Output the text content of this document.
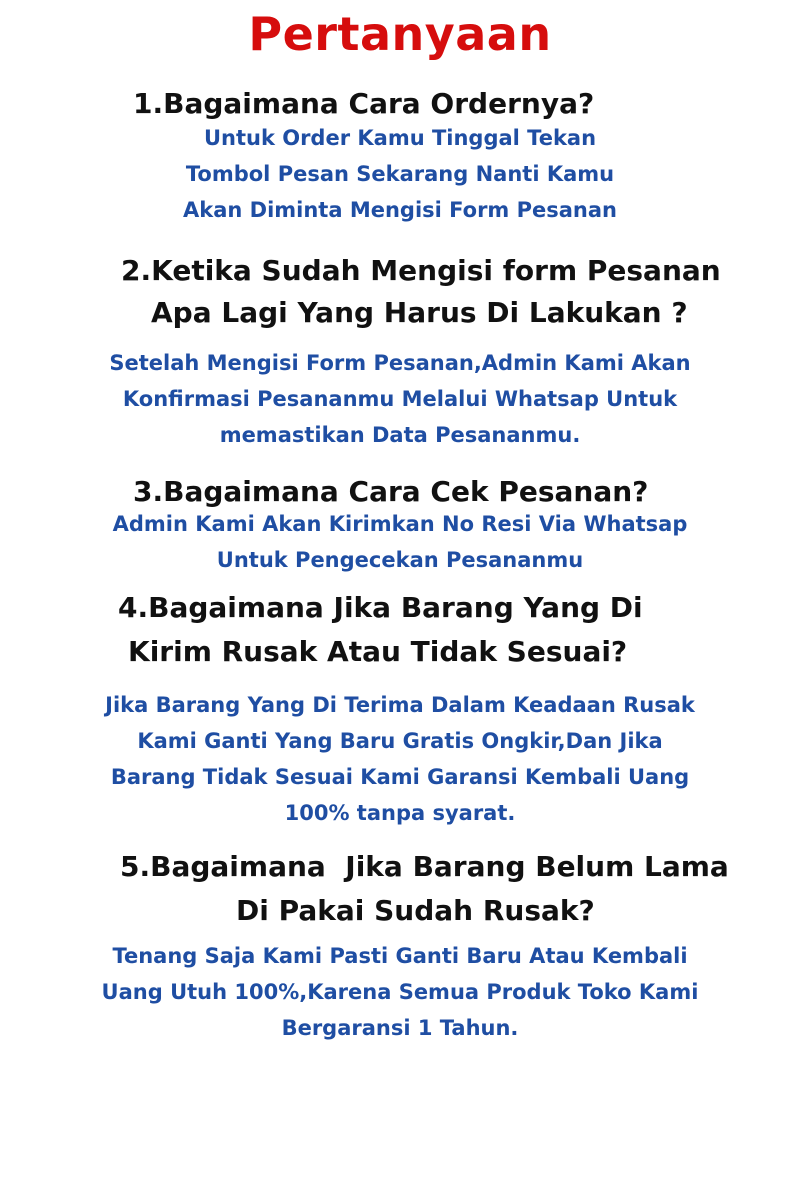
Pertanyaan
1.Bagaimana Cara Ordernya?
Untuk Order Kamu Tinggal Tekan
Tombol Pesan Sekarang Nanti Kamu
Akan Diminta Mengisi Form Pesanan
2.Ketika Sudah Mengisi form Pesanan
Apa Lagi Yang Harus Di Lakukan ?
Setelah Mengisi Form Pesanan,Admin Kami Akan
Konfirmasi Pesananmu Melalui Whatsap Untuk
memastikan Data Pesananmu.
3.Bagaimana Cara Cek Pesanan?
Admin Kami Akan Kirimkan No Resi Via Whatsap
Untuk Pengecekan Pesananmu
4.Bagaimana Jika Barang Yang Di
Kirim Rusak Atau Tidak Sesuai?
Jika Barang Yang Di Terima Dalam Keadaan Rusak
Kami Ganti Yang Baru Gratis Ongkir,Dan Jika
Barang Tidak Sesuai Kami Garansi Kembali Uang
100% tanpa syarat.
5.Bagaimana  Jika Barang Belum Lama
Di Pakai Sudah Rusak?
Tenang Saja Kami Pasti Ganti Baru Atau Kembali
Uang Utuh 100%,Karena Semua Produk Toko Kami
Bergaransi 1 Tahun.
